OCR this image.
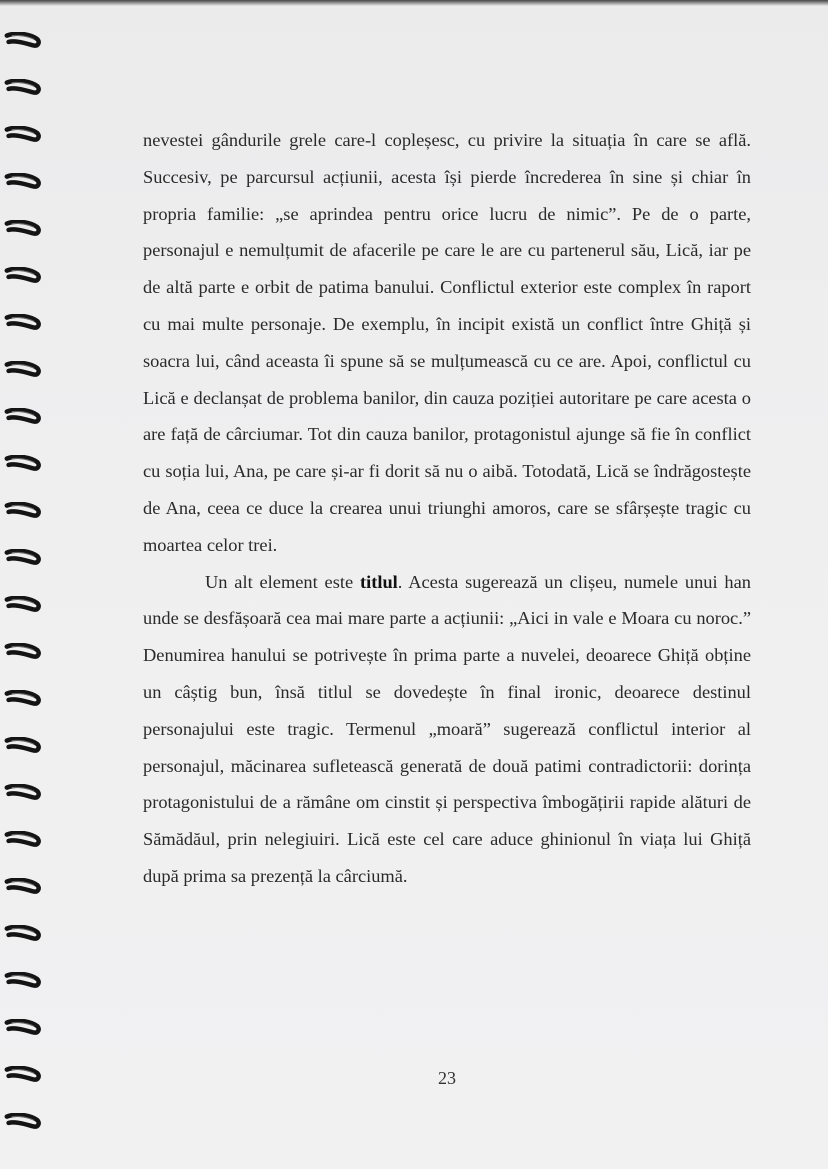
nevestei gândurile grele care-l copleșesc, cu privire la situația în care se află. Succesiv, pe parcursul acțiunii, acesta își pierde încrederea în sine și chiar în propria familie: „se aprindea pentru orice lucru de nimic”. Pe de o parte, personajul e nemulțumit de afacerile pe care le are cu partenerul său, Lică, iar pe de altă parte e orbit de patima banului. Conflictul exterior este complex în raport cu mai multe personaje. De exemplu, în incipit există un conflict între Ghiță și soacra lui, când aceasta îi spune să se mulțumească cu ce are. Apoi, conflictul cu Lică e declanșat de problema banilor, din cauza poziției autoritare pe care acesta o are față de cârciumar. Tot din cauza banilor, protagonistul ajunge să fie în conflict cu soția lui, Ana, pe care și-ar fi dorit să nu o aibă. Totodată, Lică se îndrăgostește de Ana, ceea ce duce la crearea unui triunghi amoros, care se sfârșește tragic cu moartea celor trei.

Un alt element este titlul. Acesta sugerează un clișeu, numele unui han unde se desfășoară cea mai mare parte a acțiunii: „Aici in vale e Moara cu noroc.” Denumirea hanului se potrivește în prima parte a nuvelei, deoarece Ghiță obține un câștig bun, însă titlul se dovedește în final ironic, deoarece destinul personajului este tragic. Termenul „moară” sugerează conflictul interior al personajul, măcinarea sufletească generată de două patimi contradictorii: dorința protagonistului de a rămâne om cinstit și perspectiva îmbogățirii rapide alături de Sămădăul, prin nelegiuiri. Lică este cel care aduce ghinionul în viața lui Ghiță după prima sa prezență la cârciumă.

23
